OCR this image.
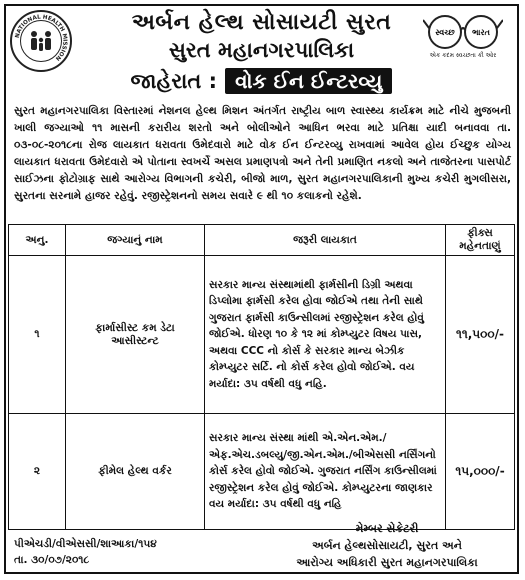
NATIONAL HEALTH MISSION
અર્બન હેલ્થ સોસાયટી સુરત
સુરત મહાનગરપાલિકા
સ્વચ્છ ભારત
એક કદમ સ્વચ્છતા કી ઓર
જાહેરાત : વોક ઈન ઈન્ટરવ્યુ
સુરત મહાનગરપાલિકા વિસ્તારમાં નેશનલ હેલ્થ મિશન અંતર્ગત રાષ્ટ્રીય બાળ સ્વાસ્થ્ય કાર્યક્રમ માટે નીચે મુજબની ખાલી જગ્યાઓ ૧૧ માસની કરારીય શરતો અને બોલીઓને આધિન ભરવા માટે પ્રતિક્ષા યાદી બનાવવા તા. ૦૩-૦૮-૨૦૧૮ના રોજ લાયકાત ધરાવતા ઉમેદવારો માટે વોક ઈન ઈન્ટરવ્યુ રાખવામાં આવેલ હોય ઈચ્છુક યોગ્ય લાયકાત ધરાવતા ઉમેદવારો એ પોતાના સ્વખર્ચે અસલ પ્રમાણપત્રો અને તેની પ્રમાણિત નકલો અને તાજેતરના પાસપોર્ટ સાઈઝના ફોટોગ્રાફ સાથે આરોગ્ય વિભાગની કચેરી, બીજો માળ, સુરત મહાનગરપાલિકાની મુખ્ય કચેરી મુગલીસરા, સુરતના સરનામે હાજર રહેવું. રજીસ્ટ્રેશનનો સમય સવારે ૯ થી ૧૦ કલાકનો રહેશે.
અનુ.	જગ્યાનું નામ	જરૂરી લાયકાત	ફીક્સ મહેનતાણું
૧	ફાર્માસીસ્ટ કમ ડેટા આસીસ્ટન્ટ	સરકાર માન્ય સંસ્થામાંથી ફાર્મસીની ડિગ્રી અથવા ડિપ્લોમા ફાર્મસી કરેલ હોવા જોઈએ તથા તેની સાથે ગુજરાત ફાર્મસી કાઉન્સીલમાં રજીસ્ટ્રેશન કરેલ હોવું જોઈએ. ધોરણ ૧૦ કે ૧૨ માં કોમ્પ્યુટર વિષય પાસ, અથવા CCC નો કોર્સ કે સરકાર માન્ય બેઝીક કોમ્પ્યુટર સર્ટિ. નો કોર્સ કરેલ હોવો જોઈએ. વય મર્યાદા: ૩૫ વર્ષથી વધુ નહિ.	૧૧,૫૦૦/-
૨	ફીમેલ હેલ્થ વર્કર	સરકાર માન્ય સંસ્થા માંથી એ.એન.એમ./ એફ.એચ.ડબલ્યુ/જી.એન.એમ./બીએસસી નર્સિંગનો કોર્સ કરેલ હોવો જોઈએ. ગુજરાત નર્સિંગ કાઉન્સીલમાં રજીસ્ટ્રેશન કરેલ હોવું જોઈએ. કોમ્પ્યુટરના જાણકાર વય મર્યાદા: ૩૫ વર્ષથી વધુ નહિ	૧૫,૦૦૦/-
પીએચડી/વીએસસી/શાઆકા/૧૫૪
તા. ૩૦/૦૭/૨૦૧૮
મેમ્બર સેક્રેટરી
અર્બન હેલ્થસોસાયટી, સુરત અને
આરોગ્ય અધિકારી સુરત મહાનગરપાલિકા
